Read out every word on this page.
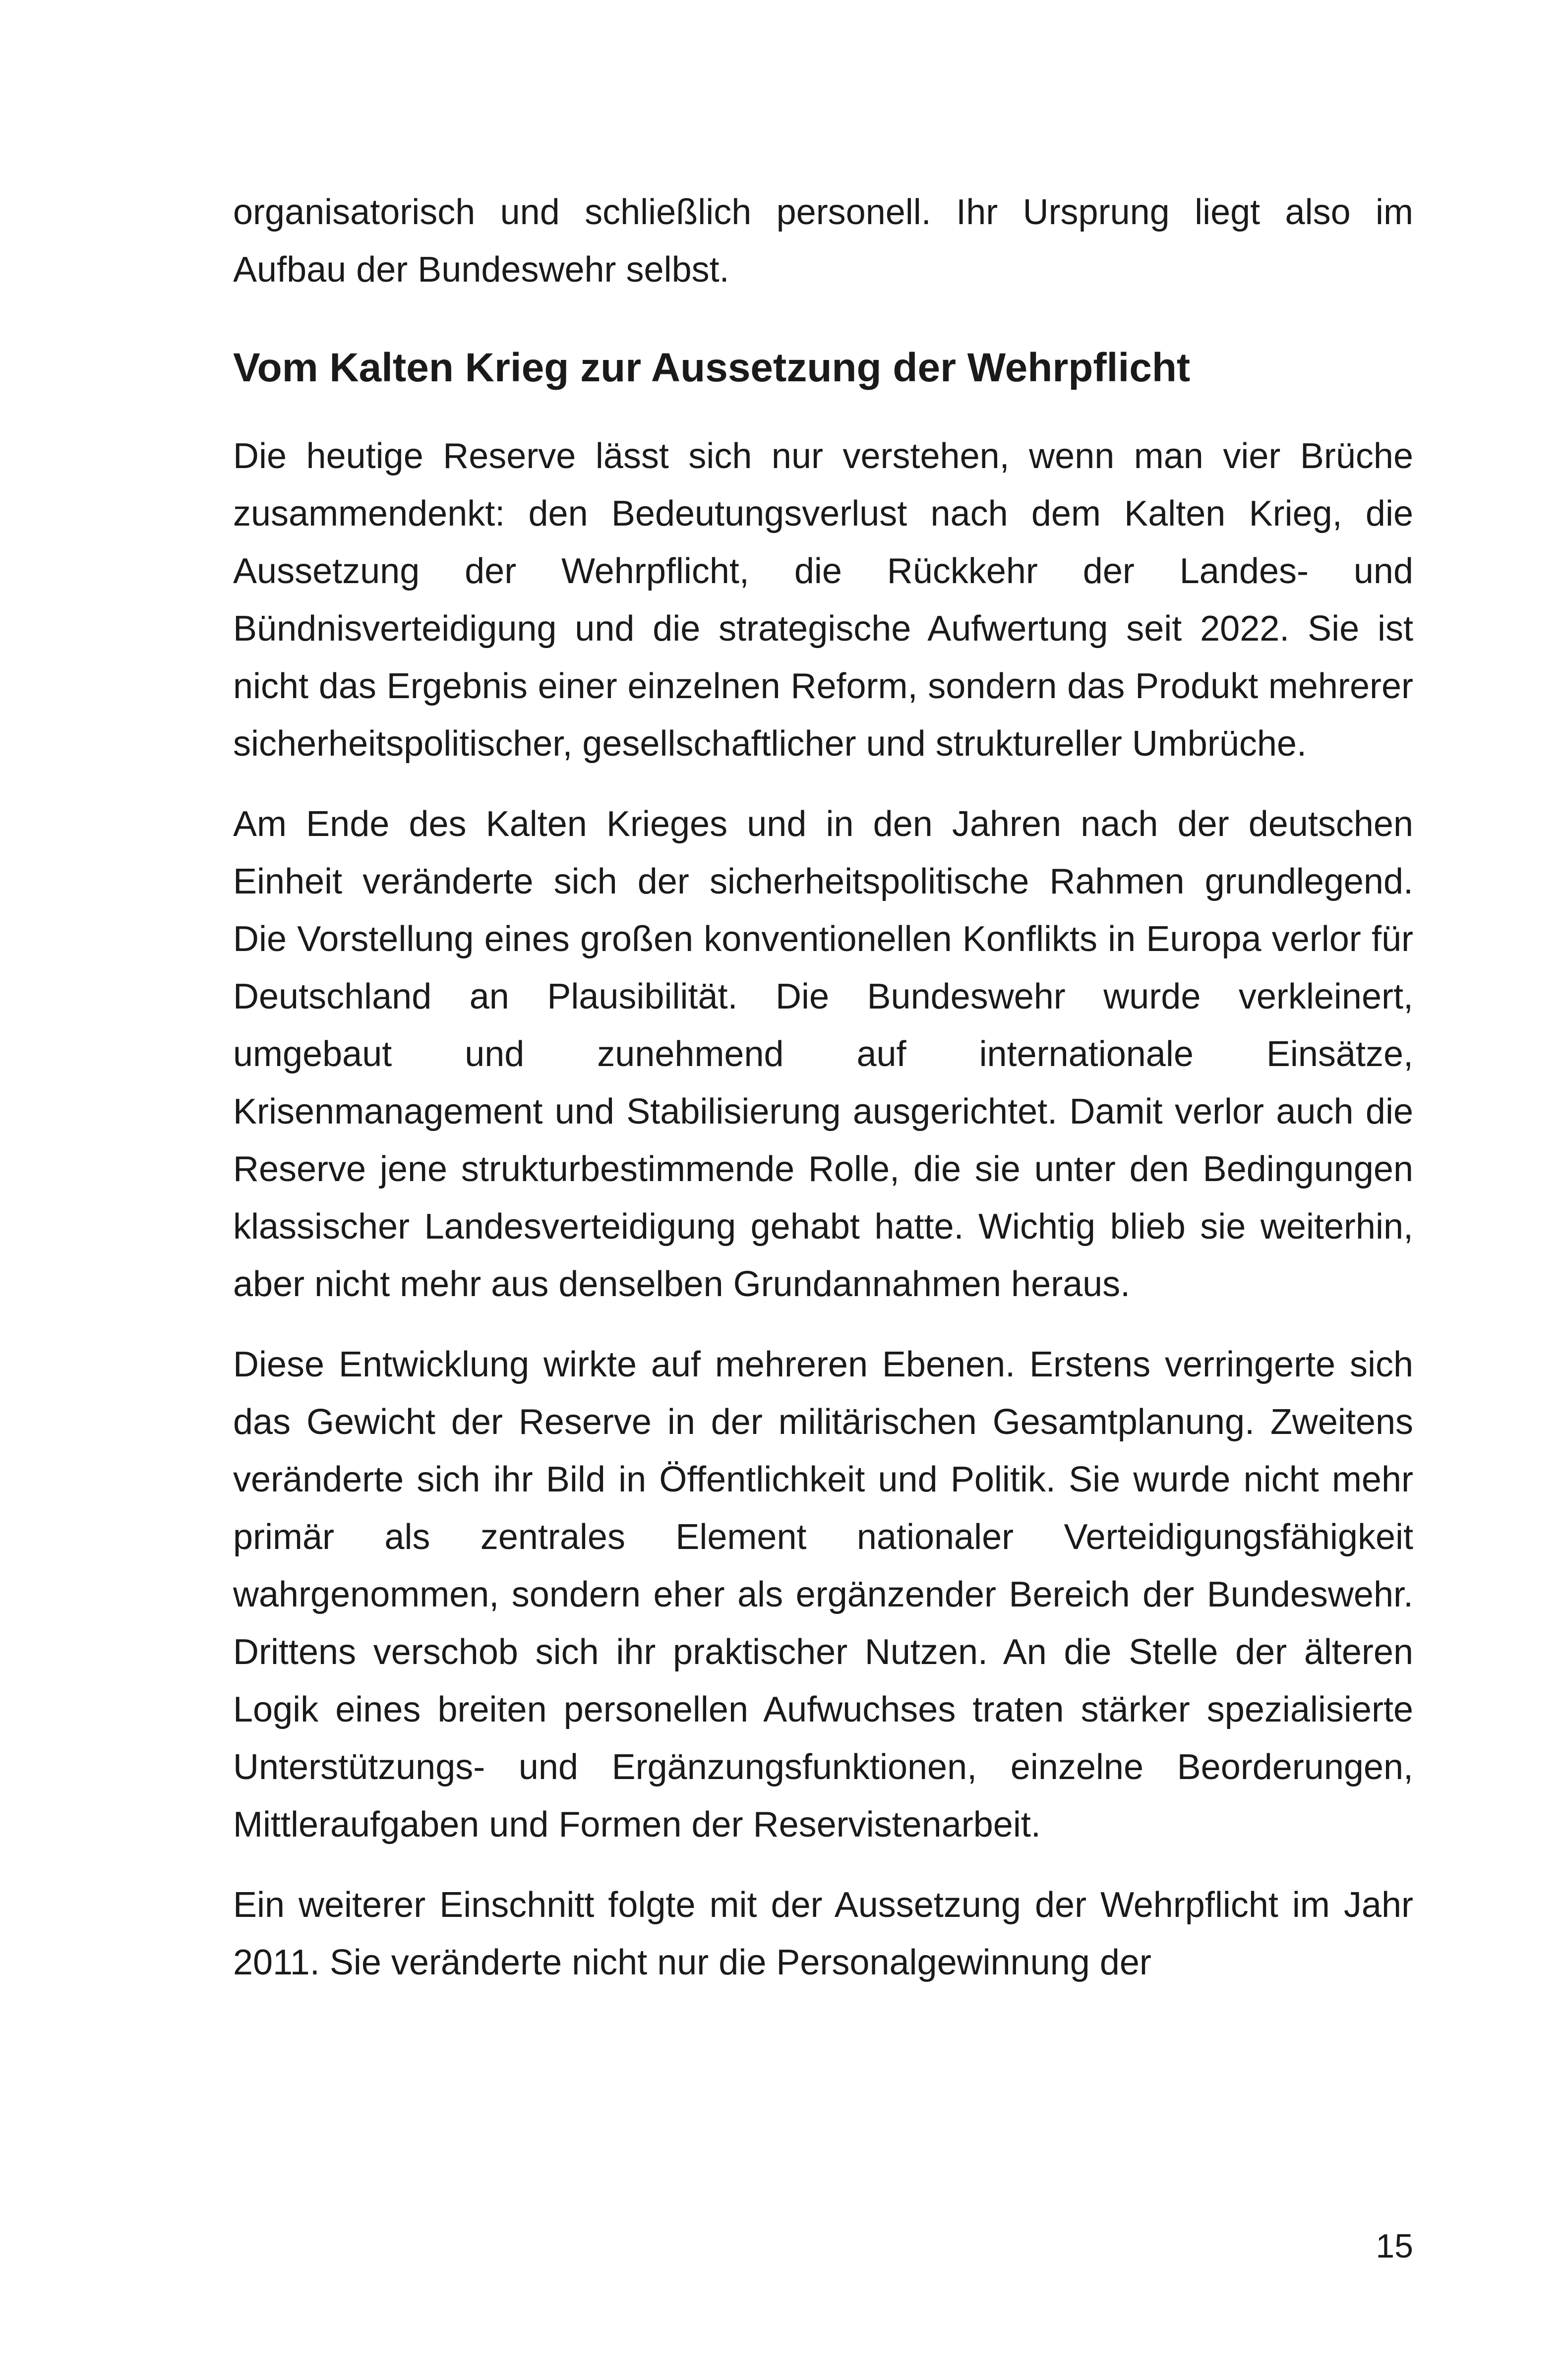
organisatorisch und schließlich personell. Ihr Ursprung liegt also im Aufbau der Bundeswehr selbst.

Vom Kalten Krieg zur Aussetzung der Wehrpflicht

Die heutige Reserve lässt sich nur verstehen, wenn man vier Brüche zusammendenkt: den Bedeutungsverlust nach dem Kalten Krieg, die Aussetzung der Wehrpflicht, die Rückkehr der Landes- und Bündnisverteidigung und die strategische Aufwertung seit 2022. Sie ist nicht das Ergebnis einer einzelnen Reform, sondern das Produkt mehrerer sicherheitspolitischer, gesellschaftlicher und struktureller Umbrüche.

Am Ende des Kalten Krieges und in den Jahren nach der deutschen Einheit veränderte sich der sicherheitspolitische Rahmen grundlegend. Die Vorstellung eines großen konventionellen Konflikts in Europa verlor für Deutschland an Plausibilität. Die Bundeswehr wurde verkleinert, umgebaut und zunehmend auf internationale Einsätze, Krisenmanagement und Stabilisierung ausgerichtet. Damit verlor auch die Reserve jene strukturbestimmende Rolle, die sie unter den Bedingungen klassischer Landesverteidigung gehabt hatte. Wichtig blieb sie weiterhin, aber nicht mehr aus denselben Grundannahmen heraus.

Diese Entwicklung wirkte auf mehreren Ebenen. Erstens verringerte sich das Gewicht der Reserve in der militärischen Gesamtplanung. Zweitens veränderte sich ihr Bild in Öffentlichkeit und Politik. Sie wurde nicht mehr primär als zentrales Element nationaler Verteidigungsfähigkeit wahrgenommen, sondern eher als ergänzender Bereich der Bundeswehr. Drittens verschob sich ihr praktischer Nutzen. An die Stelle der älteren Logik eines breiten personellen Aufwuchses traten stärker spezialisierte Unterstützungs- und Ergänzungsfunktionen, einzelne Beorderungen, Mittleraufgaben und Formen der Reservistenarbeit.

Ein weiterer Einschnitt folgte mit der Aussetzung der Wehrpflicht im Jahr 2011. Sie veränderte nicht nur die Personalgewinnung der

15
